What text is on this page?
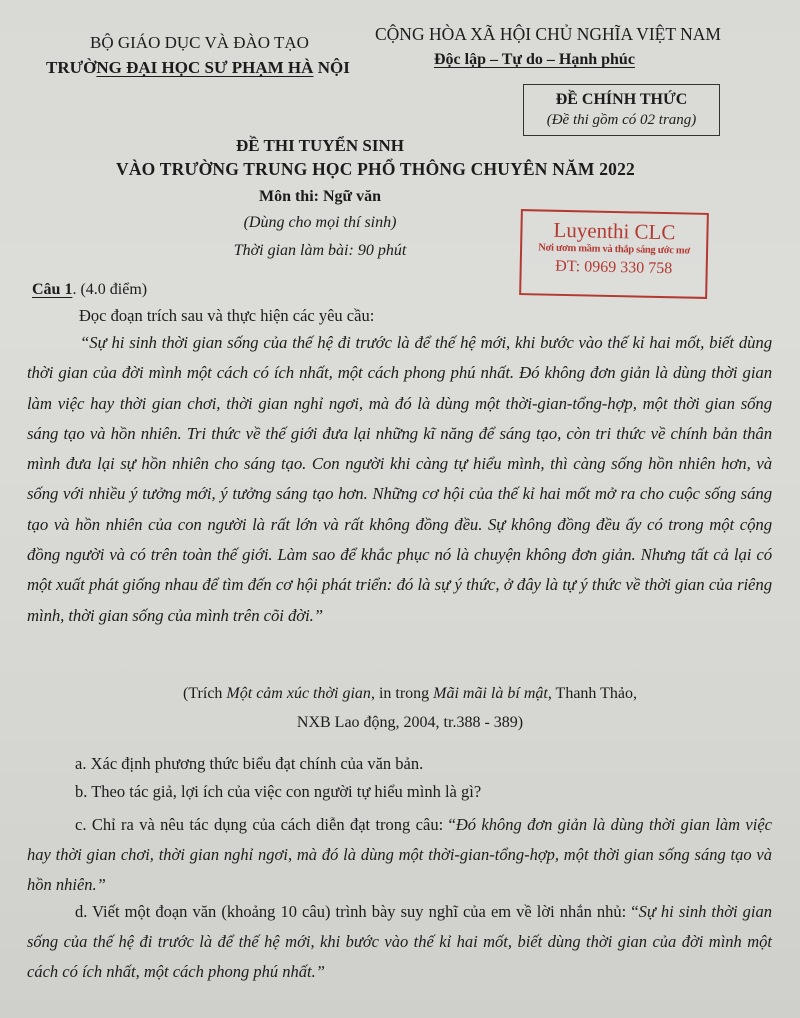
BỘ GIÁO DỤC VÀ ĐÀO TẠO
TRƯỜNG ĐẠI HỌC SƯ PHẠM HÀ NỘI
CỘNG HÒA XÃ HỘI CHỦ NGHĨA VIỆT NAM
Độc lập – Tự do – Hạnh phúc
ĐỀ CHÍNH THỨC
(Đề thi gồm có 02 trang)
ĐỀ THI TUYỂN SINH
VÀO TRƯỜNG TRUNG HỌC PHỔ THÔNG CHUYÊN NĂM 2022
Môn thi: Ngữ văn
(Dùng cho mọi thí sinh)
Thời gian làm bài: 90 phút
Luyenthi CLC
Nơi ươm mầm và thắp sáng ước mơ
ĐT: 0969 330 758
Câu 1. (4.0 điểm)
Đọc đoạn trích sau và thực hiện các yêu cầu:
“Sự hi sinh thời gian sống của thế hệ đi trước là để thế hệ mới, khi bước vào thế kỉ hai mốt, biết dùng thời gian của đời mình một cách có ích nhất, một cách phong phú nhất. Đó không đơn giản là dùng thời gian làm việc hay thời gian chơi, thời gian nghỉ ngơi, mà đó là dùng một thời-gian-tổng-hợp, một thời gian sống sáng tạo và hồn nhiên. Tri thức về thế giới đưa lại những kĩ năng để sáng tạo, còn tri thức về chính bản thân mình đưa lại sự hồn nhiên cho sáng tạo. Con người khi càng tự hiểu mình, thì càng sống hồn nhiên hơn, và sống với nhiều ý tưởng mới, ý tưởng sáng tạo hơn. Những cơ hội của thế kỉ hai mốt mở ra cho cuộc sống sáng tạo và hồn nhiên của con người là rất lớn và rất không đồng đều. Sự không đồng đều ấy có trong một cộng đồng người và có trên toàn thế giới. Làm sao để khắc phục nó là chuyện không đơn giản. Nhưng tất cả lại có một xuất phát giống nhau để tìm đến cơ hội phát triển: đó là sự ý thức, ở đây là tự ý thức về thời gian của riêng mình, thời gian sống của mình trên cõi đời.”
(Trích Một cảm xúc thời gian, in trong Mãi mãi là bí mật, Thanh Thảo,
NXB Lao động, 2004, tr.388 - 389)
a. Xác định phương thức biểu đạt chính của văn bản.
b. Theo tác giả, lợi ích của việc con người tự hiểu mình là gì?
c. Chỉ ra và nêu tác dụng của cách diễn đạt trong câu: “Đó không đơn giản là dùng thời gian làm việc hay thời gian chơi, thời gian nghỉ ngơi, mà đó là dùng một thời-gian-tổng-hợp, một thời gian sống sáng tạo và hồn nhiên.”
d. Viết một đoạn văn (khoảng 10 câu) trình bày suy nghĩ của em về lời nhắn nhủ: “Sự hi sinh thời gian sống của thế hệ đi trước là để thế hệ mới, khi bước vào thế kỉ hai mốt, biết dùng thời gian của đời mình một cách có ích nhất, một cách phong phú nhất.”
